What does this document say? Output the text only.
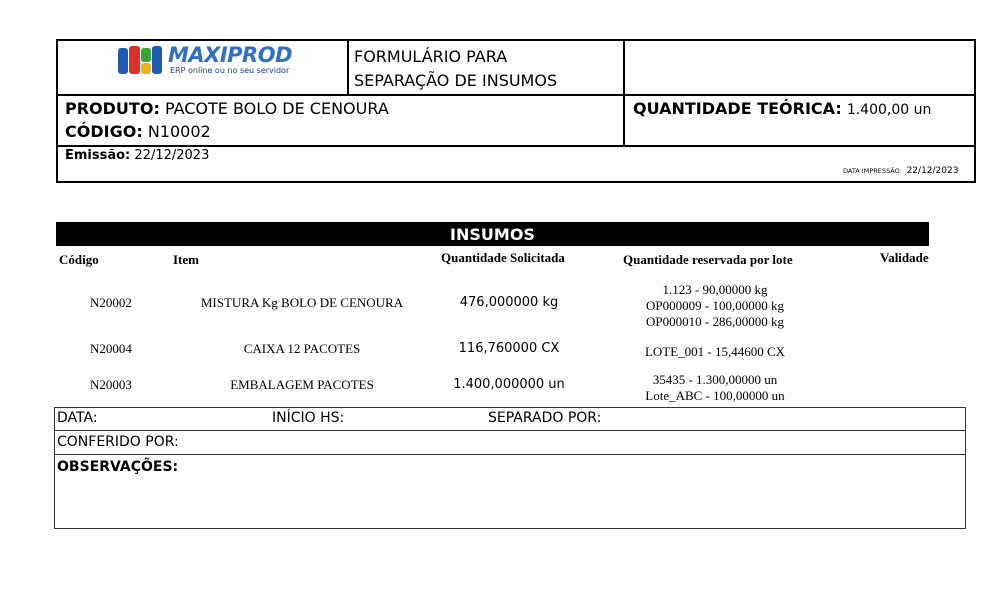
MAXIPROD
ERP online ou no seu servidor
FORMULÁRIO PARA
SEPARAÇÃO DE INSUMOS
PRODUTO: PACOTE BOLO DE CENOURA
CÓDIGO: N10002
QUANTIDADE TEÓRICA: 1.400,00 un
Emissão: 22/12/2023
DATA IMPRESSÃO 22/12/2023
INSUMOS
Código	Item	Quantidade Solicitada	Quantidade reservada por lote	Validade
N20002	MISTURA Kg BOLO DE CENOURA	476,000000 kg
1.123 - 90,00000 kg
OP000009 - 100,00000 kg
OP000010 - 286,00000 kg
N20004	CAIXA 12 PACOTES	116,760000 CX	LOTE_001 - 15,44600 CX
N20003	EMBALAGEM PACOTES	1.400,000000 un	35435 - 1.300,00000 un
Lote_ABC - 100,00000 un
DATA:	INÍCIO HS:	SEPARADO POR:
CONFERIDO POR:
OBSERVAÇÕES:
